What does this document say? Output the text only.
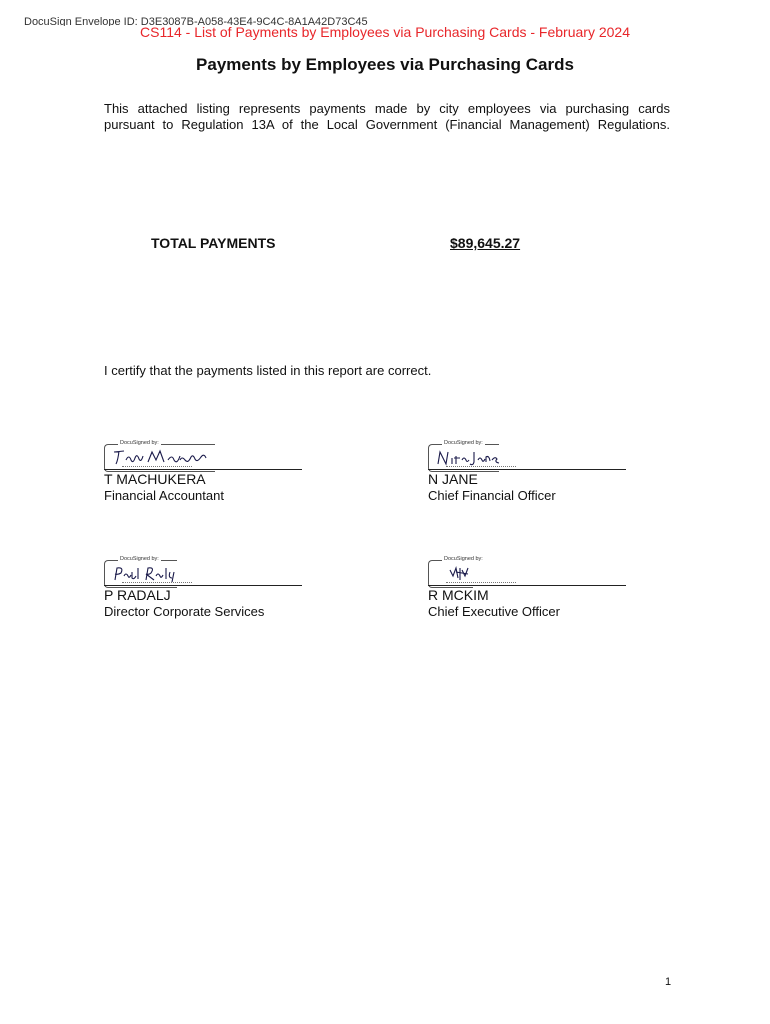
DocuSign Envelope ID: D3E3087B-A058-43E4-9C4C-8A1A42D73C45
CS114 - List of Payments by Employees via Purchasing Cards - February 2024
Payments by Employees via Purchasing Cards

This attached listing represents payments made by city employees via purchasing cards

pursuant to Regulation 13A of the Local Government (Financial Management) Regulations.

TOTAL PAYMENTS	$89,645.27
I certify that the payments listed in this report are correct.
DocuSigned by:
T MACHUKERA
Financial Accountant
DocuSigned by:
N JANE
Chief Financial Officer
DocuSigned by:
P RADALJ
Director Corporate Services
DocuSigned by:
R MCKIM
Chief Executive Officer
1
